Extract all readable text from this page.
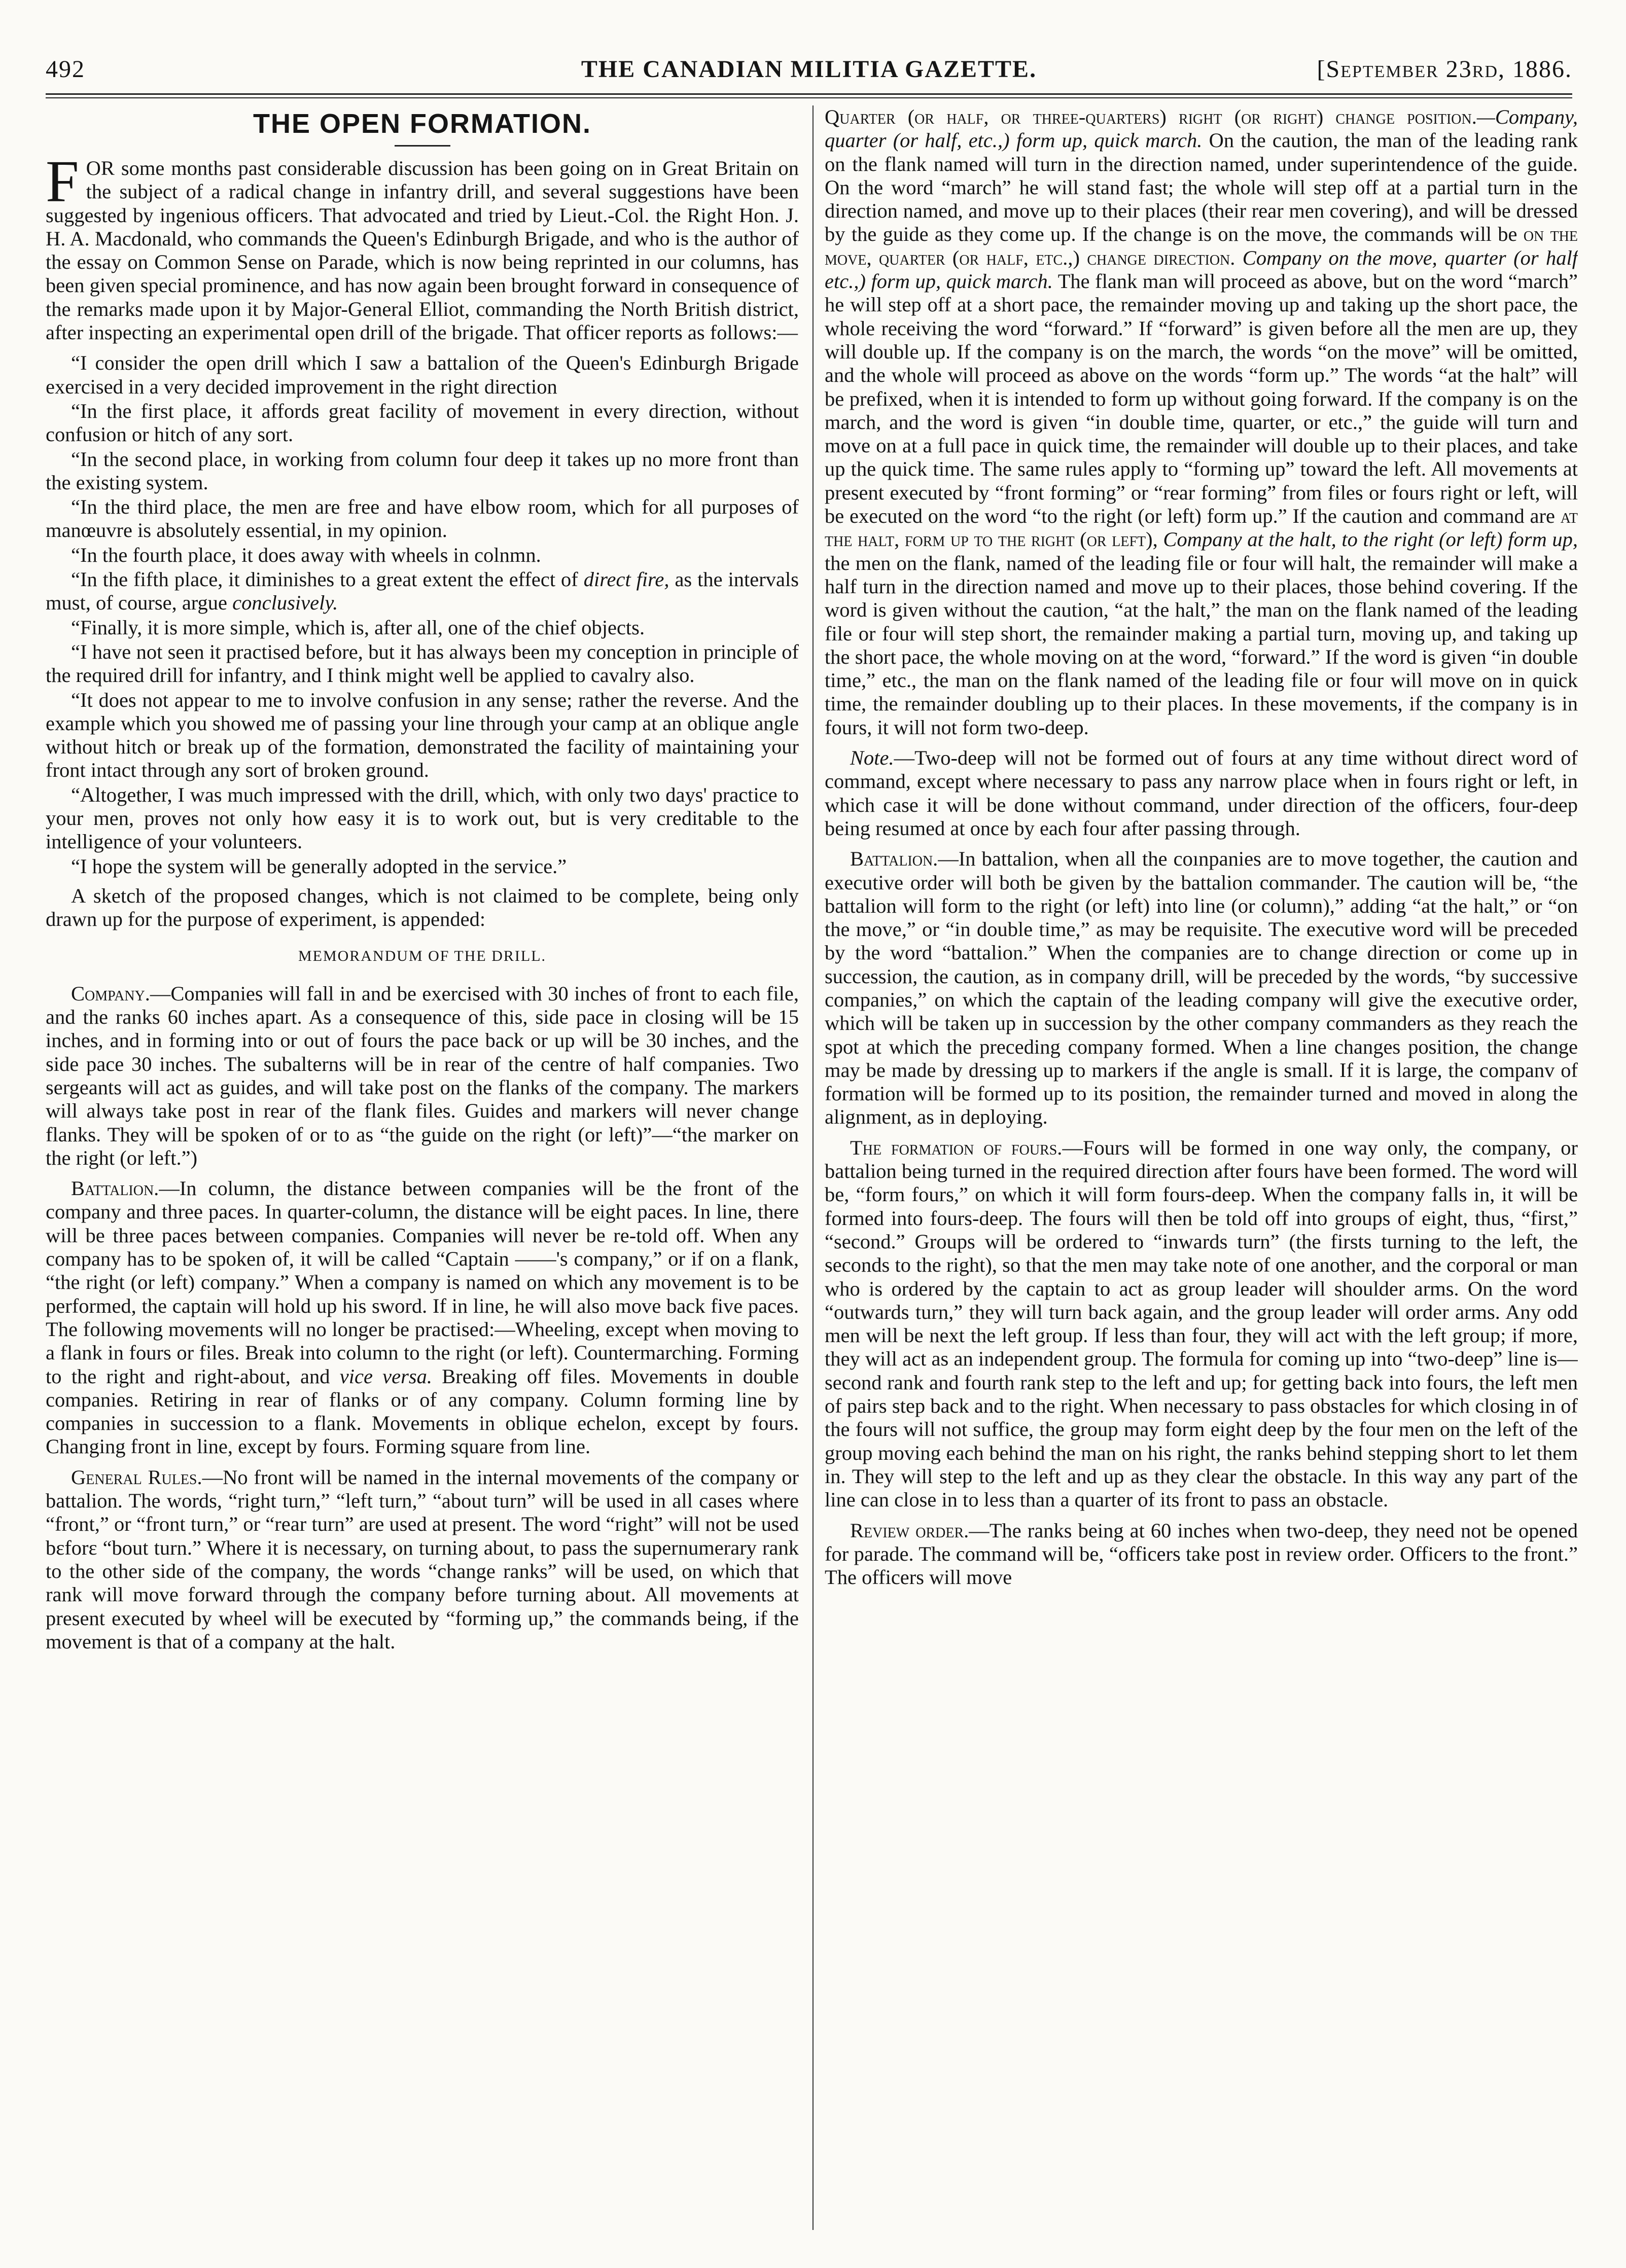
492	THE CANADIAN MILITIA GAZETTE.	[September 23rd, 1886.
THE OPEN FORMATION.

FOR some months past considerable discussion has been going on in Great Britain on the subject of a radical change in infantry drill, and several suggestions have been suggested by ingenious officers. That advocated and tried by Lieut.-Col. the Right Hon. J. H. A. Macdonald, who commands the Queen's Edinburgh Brigade, and who is the author of the essay on Common Sense on Parade, which is now being reprinted in our columns, has been given special prominence, and has now again been brought forward in consequence of the remarks made upon it by Major-General Elliot, commanding the North British district, after inspecting an experimental open drill of the brigade. That officer reports as follows:—

“I consider the open drill which I saw a battalion of the Queen's Edinburgh Brigade exercised in a very decided improvement in the right direction

“In the first place, it affords great facility of movement in every direction, without confusion or hitch of any sort.

“In the second place, in working from column four deep it takes up no more front than the existing system.

“In the third place, the men are free and have elbow room, which for all purposes of manœuvre is absolutely essential, in my opinion.

“In the fourth place, it does away with wheels in colnmn.

“In the fifth place, it diminishes to a great extent the effect of direct fire, as the intervals must, of course, argue conclusively.

“Finally, it is more simple, which is, after all, one of the chief objects.

“I have not seen it practised before, but it has always been my conception in principle of the required drill for infantry, and I think might well be applied to cavalry also.

“It does not appear to me to involve confusion in any sense; rather the reverse. And the example which you showed me of passing your line through your camp at an oblique angle without hitch or break up of the formation, demonstrated the facility of maintaining your front intact through any sort of broken ground.

“Altogether, I was much impressed with the drill, which, with only two days' practice to your men, proves not only how easy it is to work out, but is very creditable to the intelligence of your volunteers.

“I hope the system will be generally adopted in the service.”

A sketch of the proposed changes, which is not claimed to be complete, being only drawn up for the purpose of experiment, is appended:

MEMORANDUM OF THE DRILL.

Company.—Companies will fall in and be exercised with 30 inches of front to each file, and the ranks 60 inches apart. As a consequence of this, side pace in closing will be 15 inches, and in forming into or out of fours the pace back or up will be 30 inches, and the side pace 30 inches. The subalterns will be in rear of the centre of half companies. Two sergeants will act as guides, and will take post on the flanks of the company. The markers will always take post in rear of the flank files. Guides and markers will never change flanks. They will be spoken of or to as “the guide on the right (or left)”—“the marker on the right (or left.”)

Battalion.—In column, the distance between companies will be the front of the company and three paces. In quarter-column, the distance will be eight paces. In line, there will be three paces between companies. Companies will never be re-told off. When any company has to be spoken of, it will be called “Captain ——'s company,” or if on a flank, “the right (or left) company.” When a company is named on which any movement is to be performed, the captain will hold up his sword. If in line, he will also move back five paces. The following movements will no longer be practised:—Wheeling, except when moving to a flank in fours or files. Break into column to the right (or left). Countermarching. Forming to the right and right-about, and vice versa. Breaking off files. Movements in double companies. Retiring in rear of flanks or of any company. Column forming line by companies in succession to a flank. Movements in oblique echelon, except by fours. Changing front in line, except by fours. Forming square from line.

General Rules.—No front will be named in the internal movements of the company or battalion. The words, “right turn,” “left turn,” “about turn” will be used in all cases where “front,” or “front turn,” or “rear turn” are used at present. The word “right” will not be used bεforɛ “bout turn.” Where it is necessary, on turning about, to pass the supernumerary rank to the other side of the company, the words “change ranks” will be used, on which that rank will move forward through the company before turning about. All movements at present executed by wheel will be executed by “forming up,” the commands being, if the movement is that of a company at the halt.

Quarter (or half, or three-quarters) right (or right) change position.—Company, quarter (or half, etc.,) form up, quick march. On the caution, the man of the leading rank on the flank named will turn in the direction named, under superintendence of the guide. On the word “march” he will stand fast; the whole will step off at a partial turn in the direction named, and move up to their places (their rear men covering), and will be dressed by the guide as they come up. If the change is on the move, the commands will be on the move, quarter (or half, etc.,) change direction. Company on the move, quarter (or half etc.,) form up, quick march. The flank man will proceed as above, but on the word “march” he will step off at a short pace, the remainder moving up and taking up the short pace, the whole receiving the word “forward.” If “forward” is given before all the men are up, they will double up. If the company is on the march, the words “on the move” will be omitted, and the whole will proceed as above on the words “form up.” The words “at the halt” will be prefixed, when it is intended to form up without going forward. If the company is on the march, and the word is given “in double time, quarter, or etc.,” the guide will turn and move on at a full pace in quick time, the remainder will double up to their places, and take up the quick time. The same rules apply to “forming up” toward the left. All movements at present executed by “front forming” or “rear forming” from files or fours right or left, will be executed on the word “to the right (or left) form up.” If the caution and command are at the halt, form up to the right (or left), Company at the halt, to the right (or left) form up, the men on the flank, named of the leading file or four will halt, the remainder will make a half turn in the direction named and move up to their places, those behind covering. If the word is given without the caution, “at the halt,” the man on the flank named of the leading file or four will step short, the remainder making a partial turn, moving up, and taking up the short pace, the whole moving on at the word, “forward.” If the word is given “in double time,” etc., the man on the flank named of the leading file or four will move on in quick time, the remainder doubling up to their places. In these movements, if the company is in fours, it will not form two-deep.

Note.—Two-deep will not be formed out of fours at any time without direct word of command, except where necessary to pass any narrow place when in fours right or left, in which case it will be done without command, under direction of the officers, four-deep being resumed at once by each four after passing through.

Battalion.—In battalion, when all the coınpanies are to move together, the caution and executive order will both be given by the battalion commander. The caution will be, “the battalion will form to the right (or left) into line (or column),” adding “at the halt,” or “on the move,” or “in double time,” as may be requisite. The executive word will be preceded by the word “battalion.” When the companies are to change direction or come up in succession, the caution, as in company drill, will be preceded by the words, “by successive companies,” on which the captain of the leading company will give the executive order, which will be taken up in succession by the other company commanders as they reach the spot at which the preceding company formed. When a line changes position, the change may be made by dressing up to markers if the angle is small. If it is large, the companv of formation will be formed up to its position, the remainder turned and moved in along the alignment, as in deploying.

The formation of fours.—Fours will be formed in one way only, the company, or battalion being turned in the required direction after fours have been formed. The word will be, “form fours,” on which it will form fours-deep. When the company falls in, it will be formed into fours-deep. The fours will then be told off into groups of eight, thus, “first,” “second.” Groups will be ordered to “inwards turn” (the firsts turning to the left, the seconds to the right), so that the men may take note of one another, and the corporal or man who is ordered by the captain to act as group leader will shoulder arms. On the word “outwards turn,” they will turn back again, and the group leader will order arms. Any odd men will be next the left group. If less than four, they will act with the left group; if more, they will act as an independent group. The formula for coming up into “two-deep” line is—second rank and fourth rank step to the left and up; for getting back into fours, the left men of pairs step back and to the right. When necessary to pass obstacles for which closing in of the fours will not suffice, the group may form eight deep by the four men on the left of the group moving each behind the man on his right, the ranks behind stepping short to let them in. They will step to the left and up as they clear the obstacle. In this way any part of the line can close in to less than a quarter of its front to pass an obstacle.

Review order.—The ranks being at 60 inches when two-deep, they need not be opened for parade. The command will be, “officers take post in review order. Officers to the front.” The officers will move
